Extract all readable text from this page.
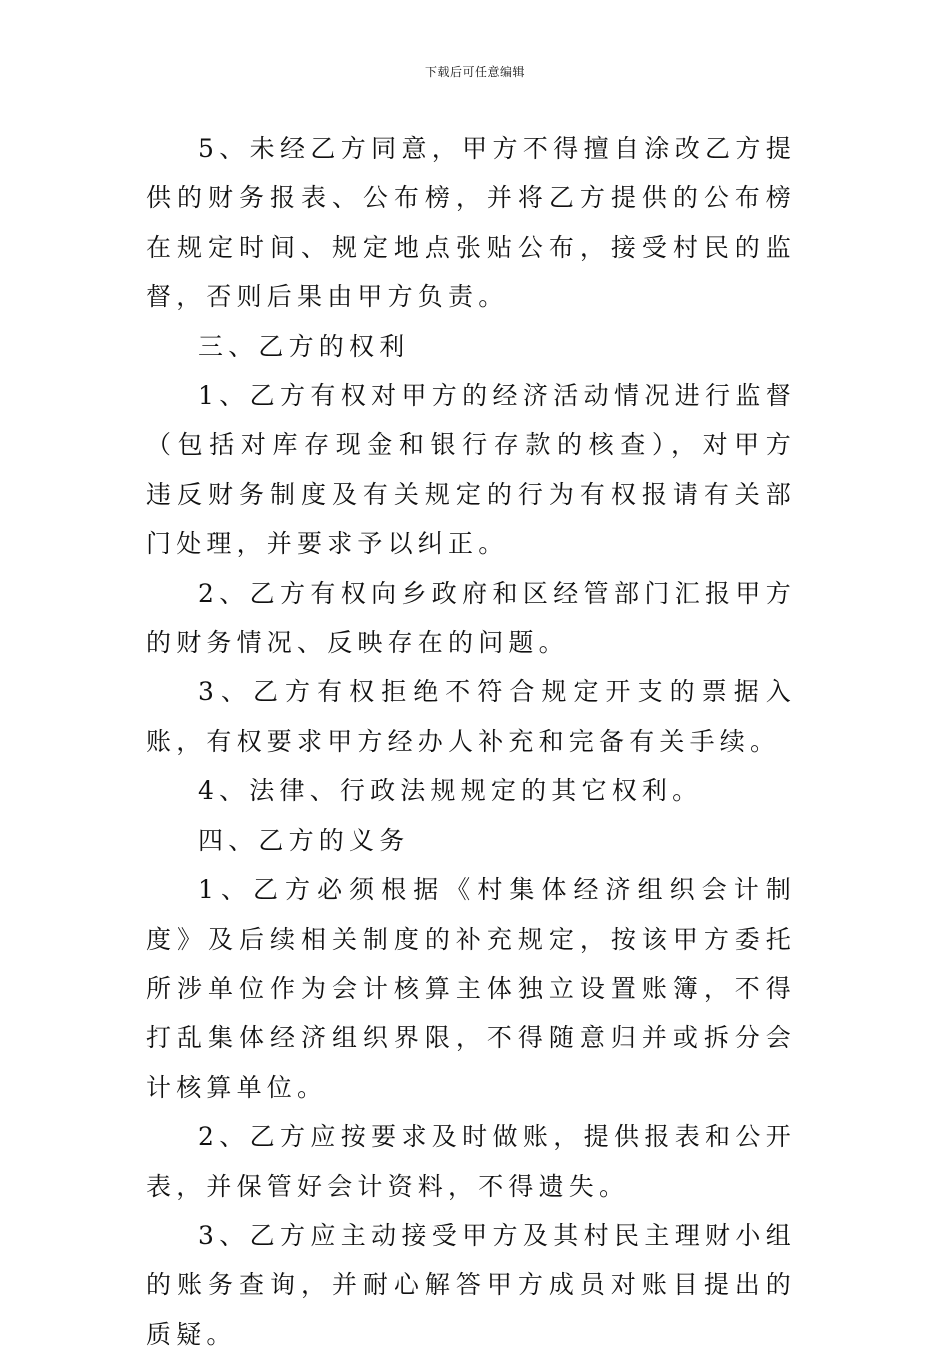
下载后可任意编辑

5、未经乙方同意，甲方不得擅自涂改乙方提供的财务报表、公布榜，并将乙方提供的公布榜在规定时间、规定地点张贴公布，接受村民的监督，否则后果由甲方负责。

三、乙方的权利

1、乙方有权对甲方的经济活动情况进行监督（包括对库存现金和银行存款的核查），对甲方违反财务制度及有关规定的行为有权报请有关部门处理，并要求予以纠正。

2、乙方有权向乡政府和区经管部门汇报甲方的财务情况、反映存在的问题。

3、乙方有权拒绝不符合规定开支的票据入账，有权要求甲方经办人补充和完备有关手续。

4、法律、行政法规规定的其它权利。

四、乙方的义务

1、乙方必须根据《村集体经济组织会计制度》及后续相关制度的补充规定，按该甲方委托所涉单位作为会计核算主体独立设置账簿，不得打乱集体经济组织界限，不得随意归并或拆分会计核算单位。

2、乙方应按要求及时做账，提供报表和公开表，并保管好会计资料，不得遗失。

3、乙方应主动接受甲方及其村民主理财小组的账务查询，并耐心解答甲方成员对账目提出的质疑。
